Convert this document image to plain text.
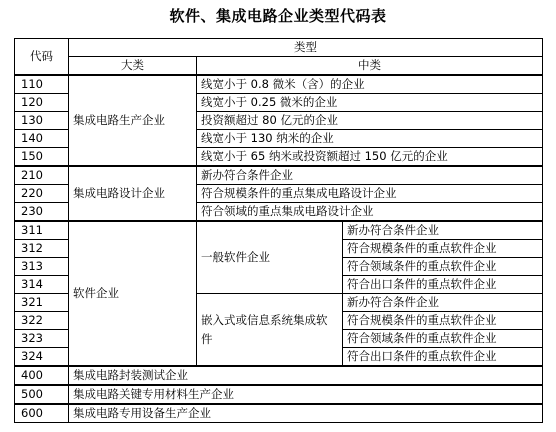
软件、集成电路企业类型代码表
代码	类型		
	大类	中类
110	集成电路生产企业	线宽小于 0.8 微米（含）的企业	
120		线宽小于 0.25 微米的企业	
130		投资额超过 80 亿元的企业	
140		线宽小于 130 纳米的企业	
150		线宽小于 65 纳米或投资额超过 150 亿元的企业	
210	集成电路设计企业	新办符合条件企业	
220		符合规模条件的重点集成电路设计企业	
230		符合领域的重点集成电路设计企业	
311	软件企业	一般软件企业	新办符合条件企业
312			符合规模条件的重点软件企业
313			符合领域条件的重点软件企业
314			符合出口条件的重点软件企业
321		嵌入式或信息系统集成软件	新办符合条件企业
322			符合规模条件的重点软件企业
323			符合领域条件的重点软件企业
324			符合出口条件的重点软件企业
400	集成电路封装测试企业		
500	集成电路关键专用材料生产企业		
600	集成电路专用设备生产企业		
